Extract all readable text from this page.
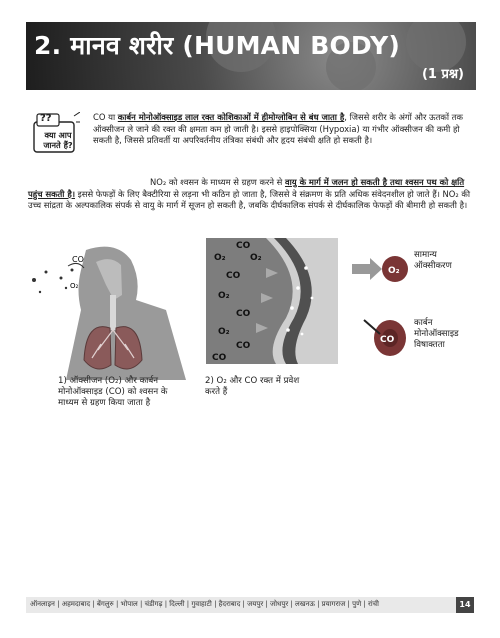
2. मानव शरीर (HUMAN BODY)
(1 प्रश्न)
??
क्या आप जानते हैं?
CO या कार्बन मोनोऑक्साइड लाल रक्त कोशिकाओं में हीमोग्लोबिन से बंध जाता है, जिससे शरीर के अंगों और ऊतकों तक ऑक्सीजन ले जाने की रक्त की क्षमता कम हो जाती है। इससे हाइपोक्सिया (Hypoxia) या गंभीर ऑक्सीजन की कमी हो सकती है, जिससे प्रतिवर्ती या अपरिवर्तनीय तंत्रिका संबंधी और हृदय संबंधी क्षति हो सकती है।
NO₂ को श्वसन के माध्यम से ग्रहण करने से वायु के मार्ग में जलन हो सकती है तथा श्वसन पथ को क्षति पहुंच सकती है। इससे फेफड़ों के लिए बैक्टीरिया से लड़ना भी कठिन हो जाता है, जिससे वे संक्रमण के प्रति अधिक संवेदनशील हो जाते हैं। NO₂ की उच्च सांद्रता के अल्पकालिक संपर्क से वायु के मार्ग में सूजन हो सकती है, जबकि दीर्घकालिक संपर्क से दीर्घकालिक फेफड़ों की बीमारी हो सकती है।
CO
O₂
CO
O₂	O₂
CO
O₂
CO
O₂
CO
CO
O₂
सामान्य ऑक्सीकरण
CO
कार्बन मोनोऑक्साइड विषाक्तता
1) ऑक्सीजन (O₂) और कार्बन मोनोऑक्साइड (CO) को श्वसन के माध्यम से ग्रहण किया जाता है
2) O₂ और CO रक्त में प्रवेश करते हैं
ऑनलाइन | अहमदाबाद | बेंगलुरु | भोपाल | चंडीगढ़ | दिल्ली | गुवाहाटी | हैदराबाद | जयपुर | जोधपुर | लखनऊ | प्रयागराज | पुणे | रांची	14
